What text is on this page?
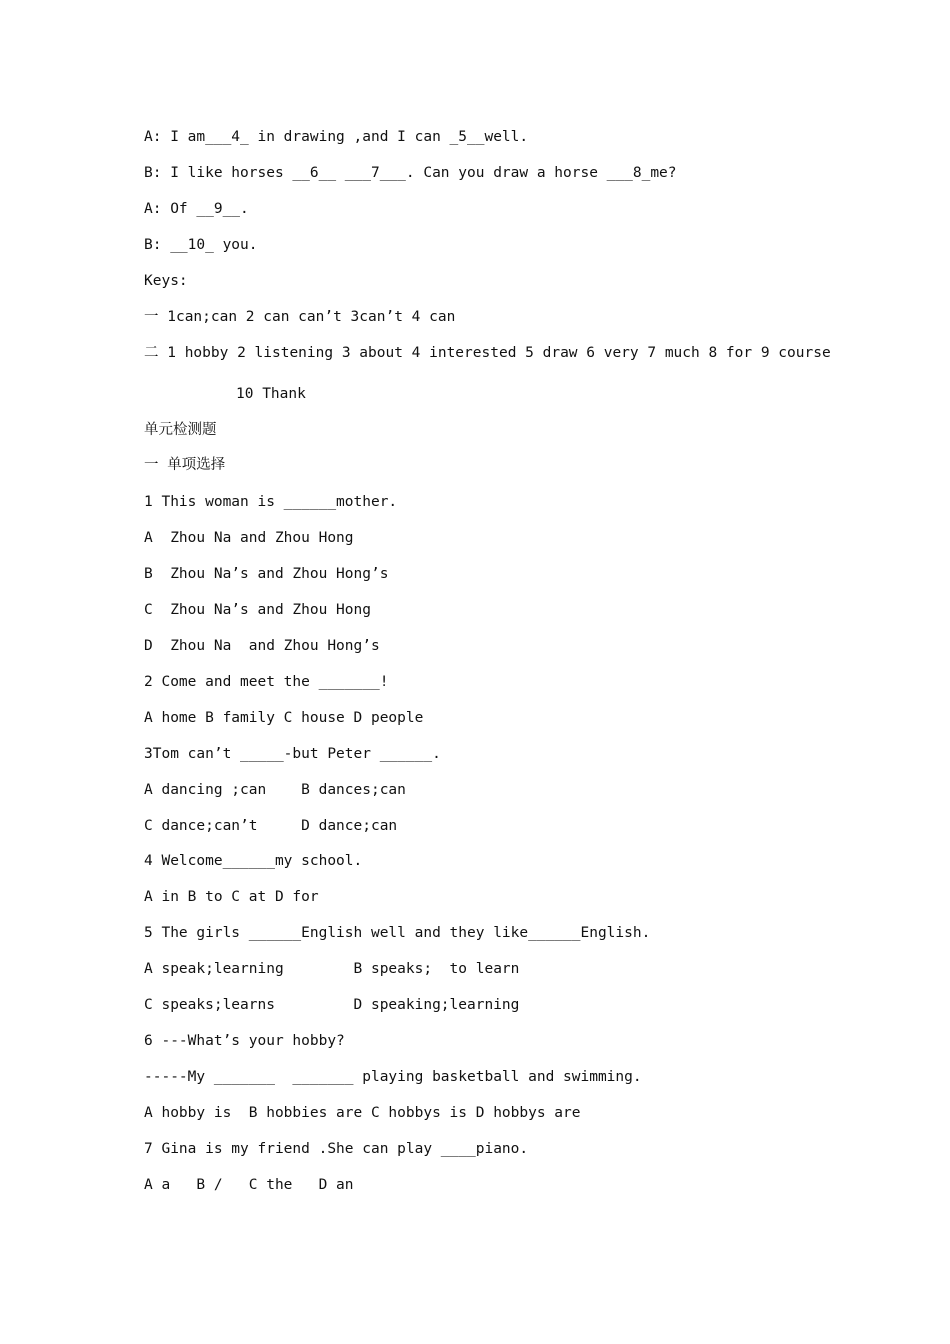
A: I am___4_ in drawing ,and I can _5__well.
B: I like horses __6__ ___7___. Can you draw a horse ___8_me?
A: Of __9__.
B: __10_ you.
Keys:
一 1can;can 2 can can’t 3can’t 4 can
二 1 hobby 2 listening 3 about 4 interested 5 draw 6 very 7 much 8 for 9 course
10 Thank
单元检测题
一 单项选择
1 This woman is ______mother.
A  Zhou Na and Zhou Hong
B  Zhou Na’s and Zhou Hong’s
C  Zhou Na’s and Zhou Hong
D  Zhou Na  and Zhou Hong’s
2 Come and meet the _______!
A home B family C house D people
3Tom can’t _____-but Peter ______.
A dancing ;can    B dances;can
C dance;can’t     D dance;can
4 Welcome______my school.
A in B to C at D for
5 The girls ______English well and they like______English.
A speak;learning        B speaks;  to learn
C speaks;learns         D speaking;learning
6 ---What’s your hobby?
-----My _______  _______ playing basketball and swimming.
A hobby is  B hobbies are C hobbys is D hobbys are
7 Gina is my friend .She can play ____piano.
A a   B /   C the   D an
